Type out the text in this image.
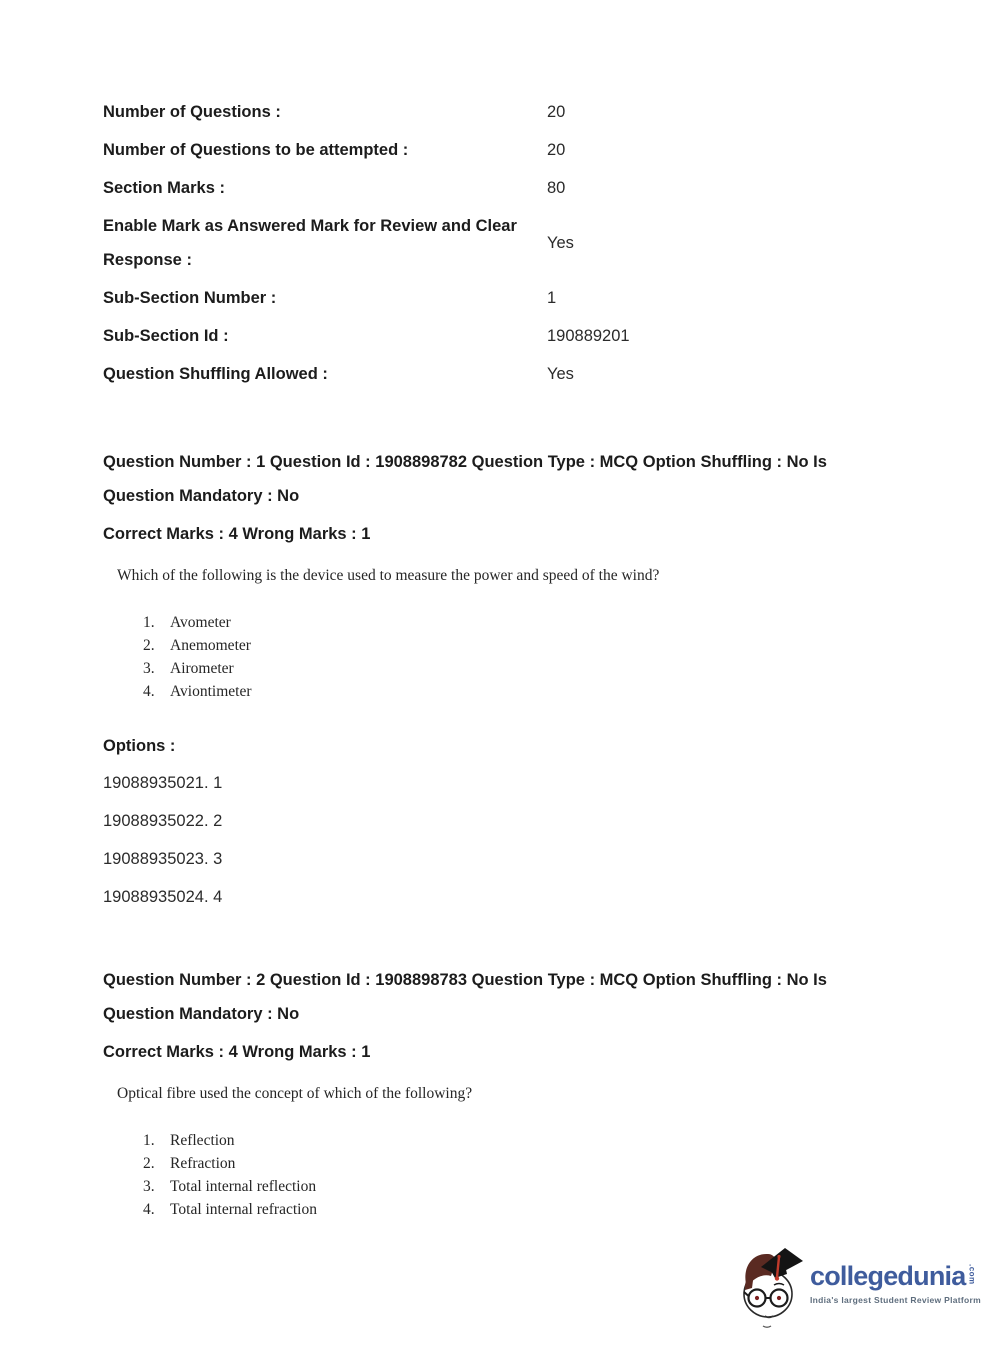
Number of Questions :	20
Number of Questions to be attempted :	20
Section Marks :	80
Enable Mark as Answered Mark for Review and Clear Response :
Yes
Sub-Section Number :	1
Sub-Section Id :	190889201
Question Shuffling Allowed :	Yes
Question Number : 1 Question Id : 1908898782 Question Type : MCQ Option Shuffling : No Is
Question Mandatory : No
Correct Marks : 4 Wrong Marks : 1
Which of the following is the device used to measure the power and speed of the wind?
1. Avometer
2. Anemometer
3. Airometer
4. Aviontimeter
Options :
19088935021. 1
19088935022. 2
19088935023. 3
19088935024. 4
Question Number : 2 Question Id : 1908898783 Question Type : MCQ Option Shuffling : No Is
Question Mandatory : No
Correct Marks : 4 Wrong Marks : 1
Optical fibre used the concept of which of the following?
1. Reflection
2. Refraction
3. Total internal reflection
4. Total internal refraction
collegedunia .com
India's largest Student Review Platform
